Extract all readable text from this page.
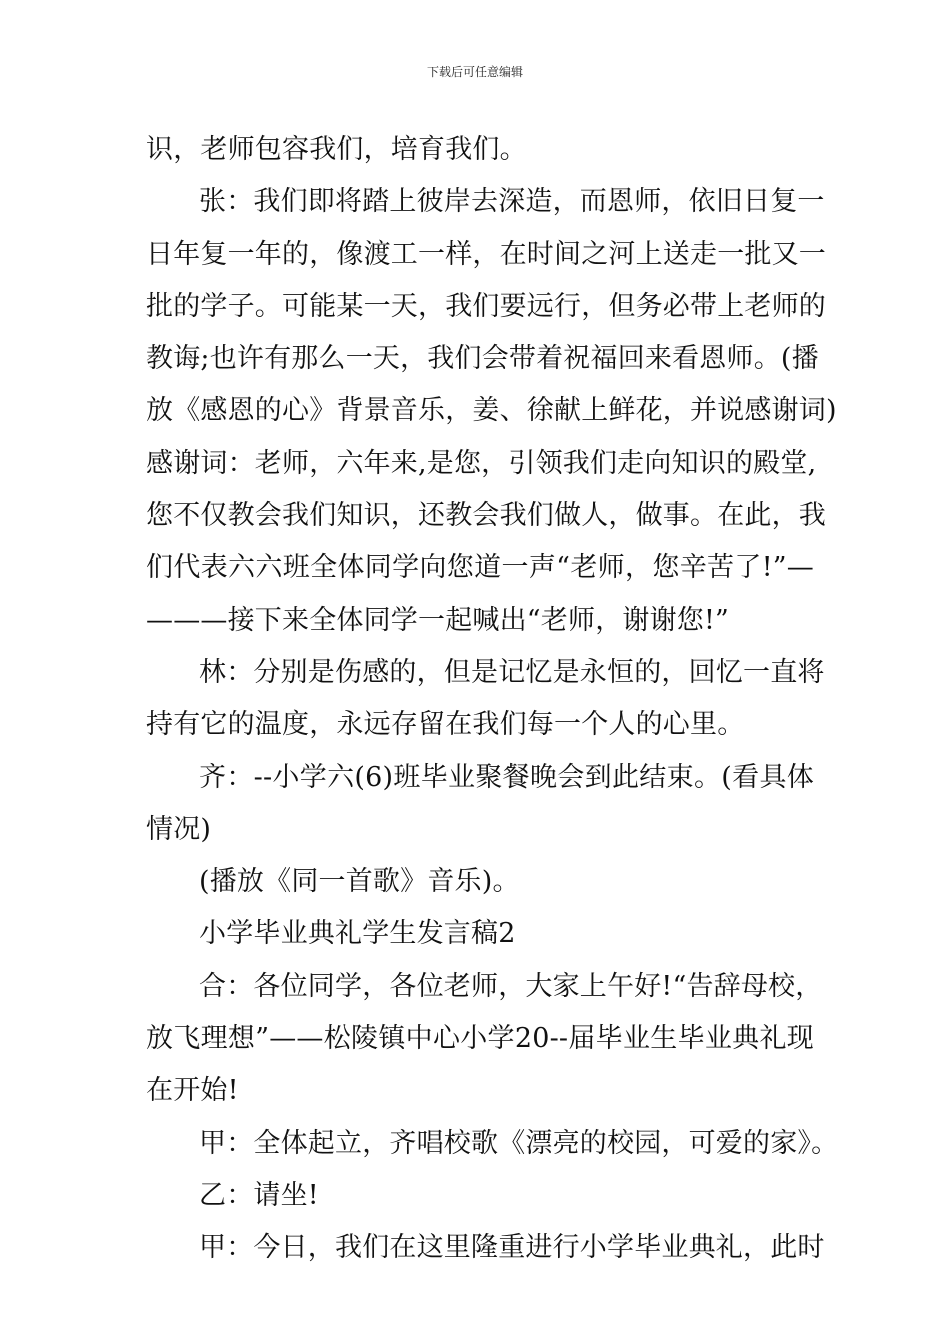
下载后可任意编辑
识，老师包容我们，培育我们。
张：我们即将踏上彼岸去深造，而恩师，依旧日复一
日年复一年的，像渡工一样，在时间之河上送走一批又一
批的学子。可能某一天，我们要远行，但务必带上老师的
教诲;也许有那么一天，我们会带着祝福回来看恩师。(播
放《感恩的心》背景音乐，姜、徐献上鲜花，并说感谢词)
感谢词：老师，六年来,是您，引领我们走向知识的殿堂,
您不仅教会我们知识，还教会我们做人，做事。在此，我
们代表六六班全体同学向您道一声“老师，您辛苦了!”—
———接下来全体同学一起喊出“老师，谢谢您!”
林：分别是伤感的，但是记忆是永恒的，回忆一直将
持有它的温度，永远存留在我们每一个人的心里。
齐：--小学六(6)班毕业聚餐晚会到此结束。(看具体
情况)
(播放《同一首歌》音乐)。
小学毕业典礼学生发言稿2
合：各位同学，各位老师，大家上午好!“告辞母校，
放飞理想”——松陵镇中心小学20--届毕业生毕业典礼现
在开始!
甲：全体起立，齐唱校歌《漂亮的校园，可爱的家》。
乙：请坐!
甲：今日，我们在这里隆重进行小学毕业典礼，此时
